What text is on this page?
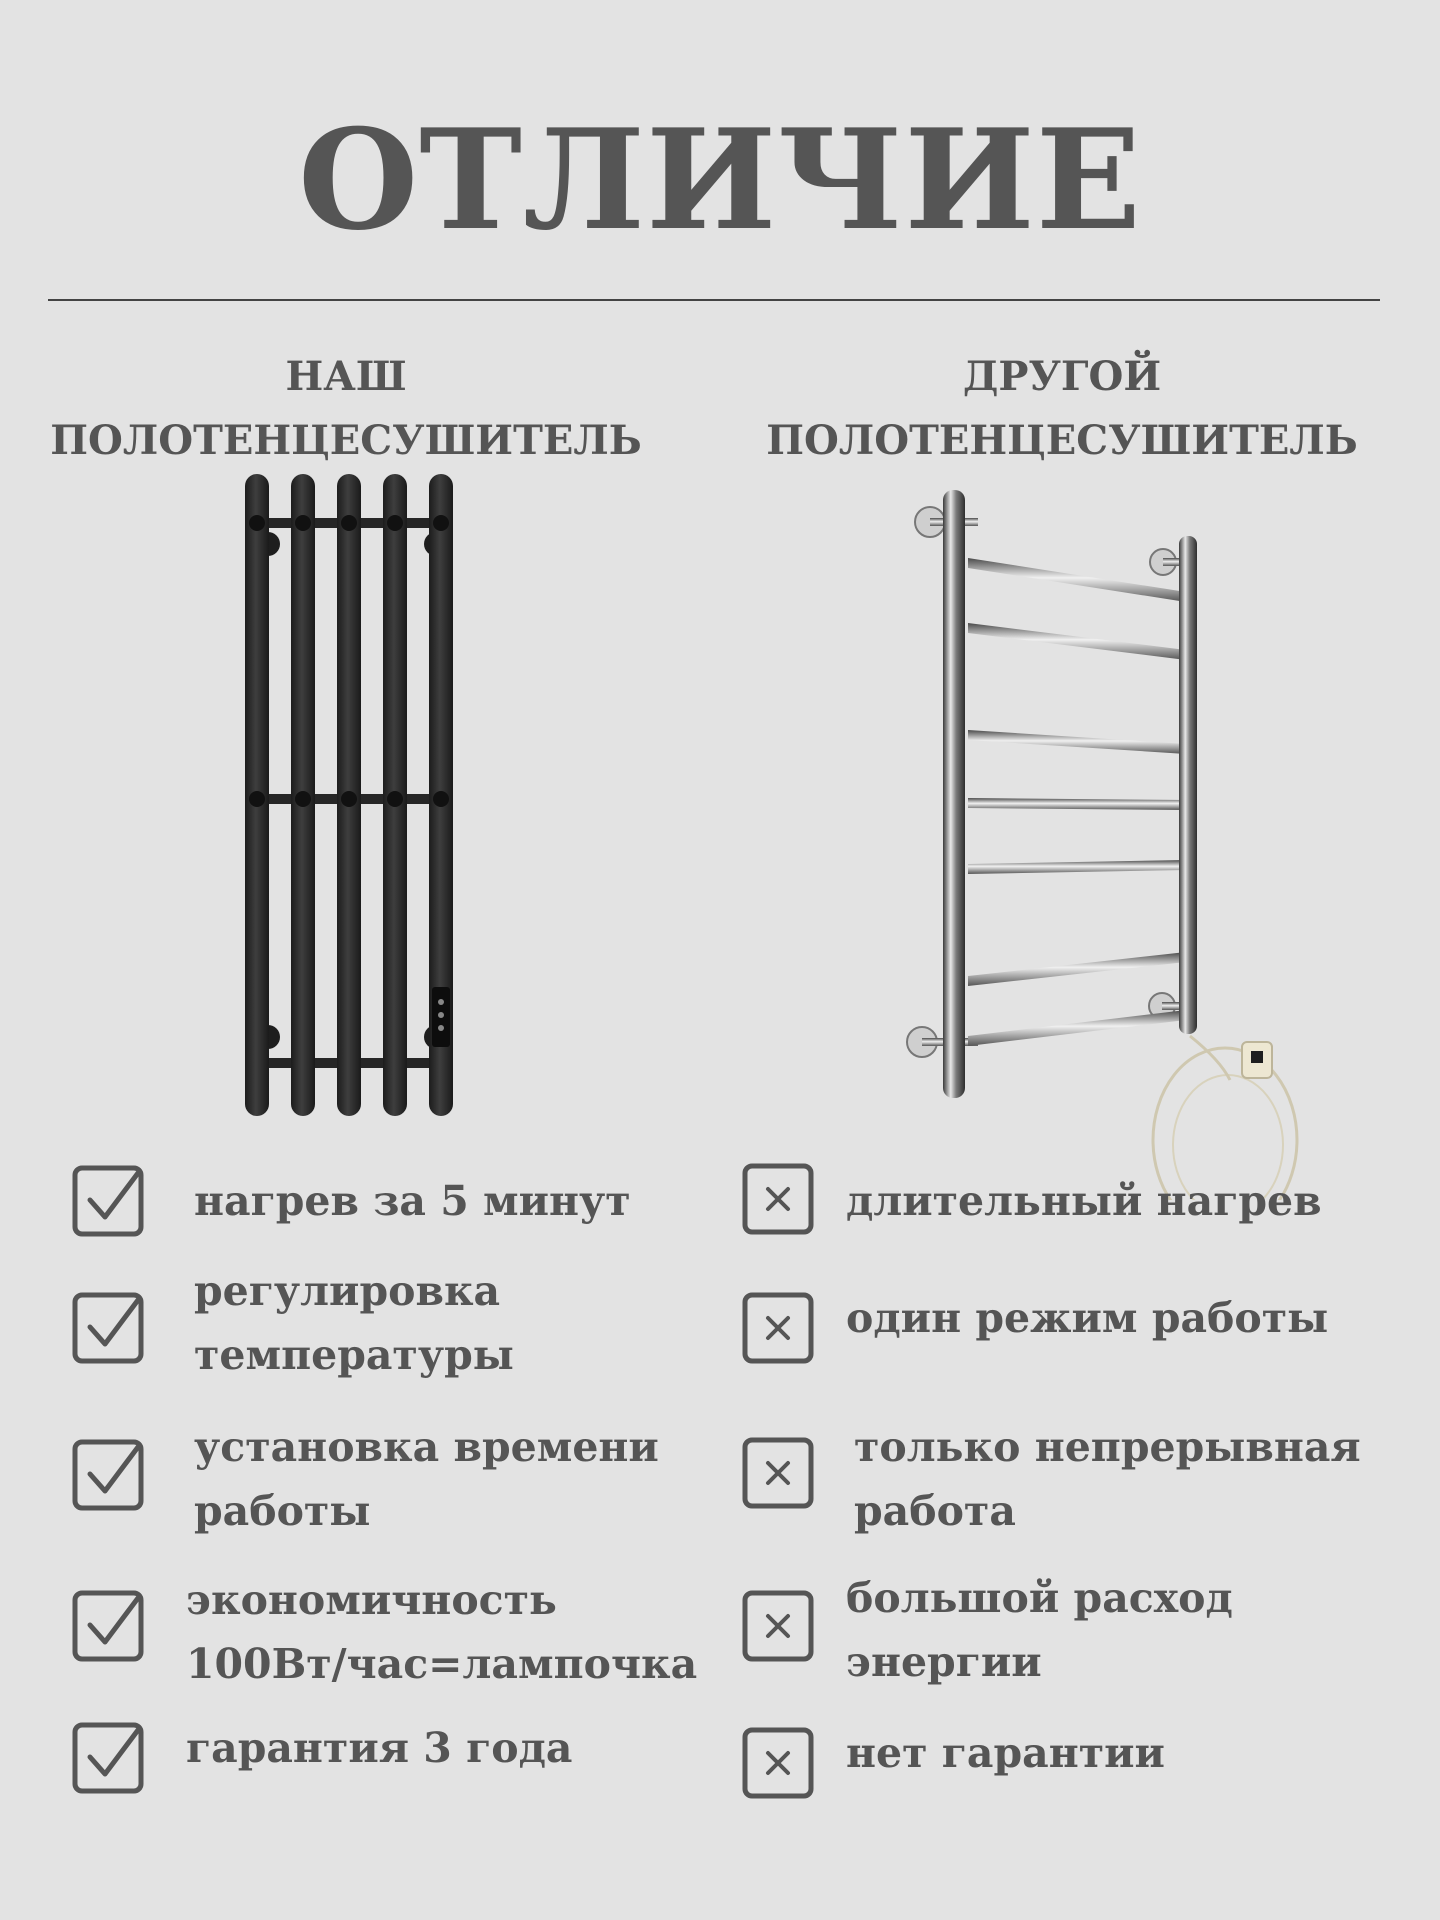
ОТЛИЧИЕ
НАШ
ПОЛОТЕНЦЕСУШИТЕЛЬ
ДРУГОЙ
ПОЛОТЕНЦЕСУШИТЕЛЬ
нагрев за 5 минут
регулировка
температуры
установка времени
работы
экономичность
100Вт/час=лампочка
гарантия 3 года
длительный нагрев
один режим работы
только непрерывная
работа
большой расход
энергии
нет гарантии
